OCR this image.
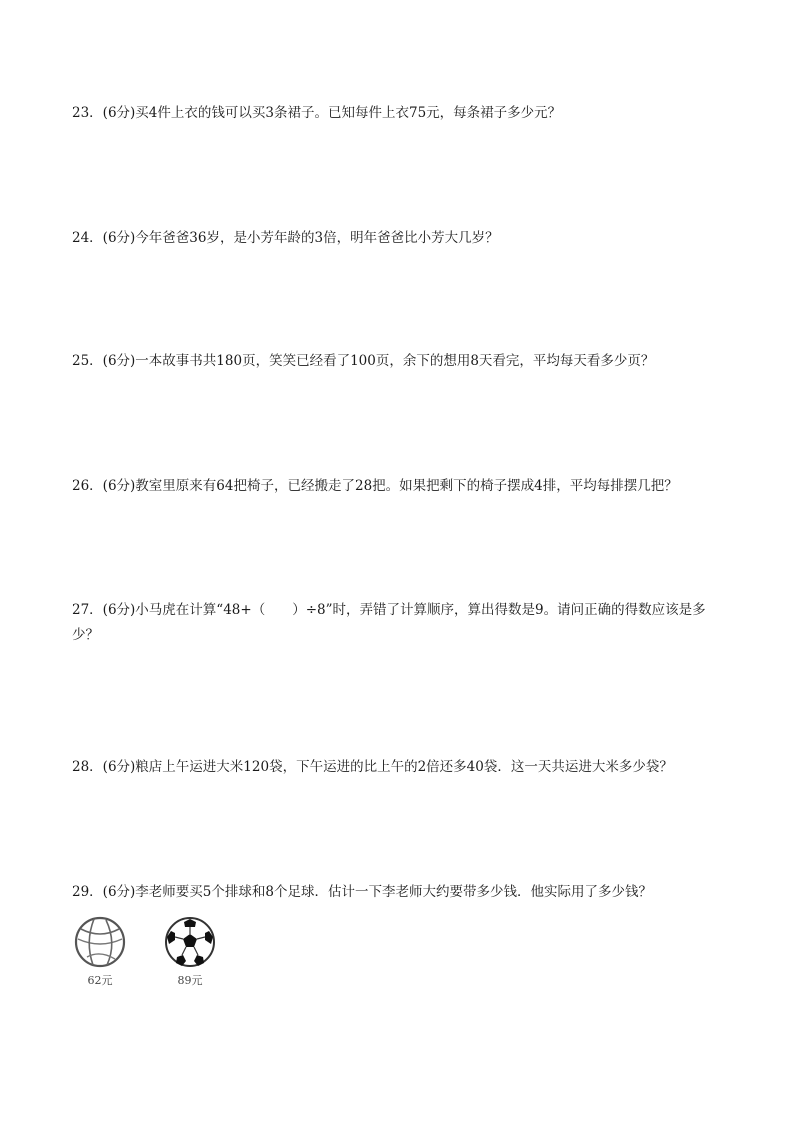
23．(6分)买4件上衣的钱可以买3条裙子。已知每件上衣75元，每条裙子多少元？
24．(6分)今年爸爸36岁，是小芳年龄的3倍，明年爸爸比小芳大几岁？
25．(6分)一本故事书共180页，笑笑已经看了100页，余下的想用8天看完，平均每天看多少页？
26．(6分)教室里原来有64把椅子，已经搬走了28把。如果把剩下的椅子摆成4排，平均每排摆几把？
27．(6分)小马虎在计算“48+（　　）÷8”时，弄错了计算顺序，算出得数是9。请问正确的得数应该是多少？
28．(6分)粮店上午运进大米120袋，下午运进的比上午的2倍还多40袋．这一天共运进大米多少袋？
29．(6分)李老师要买5个排球和8个足球．估计一下李老师大约要带多少钱．他实际用了多少钱？
62元	89元
